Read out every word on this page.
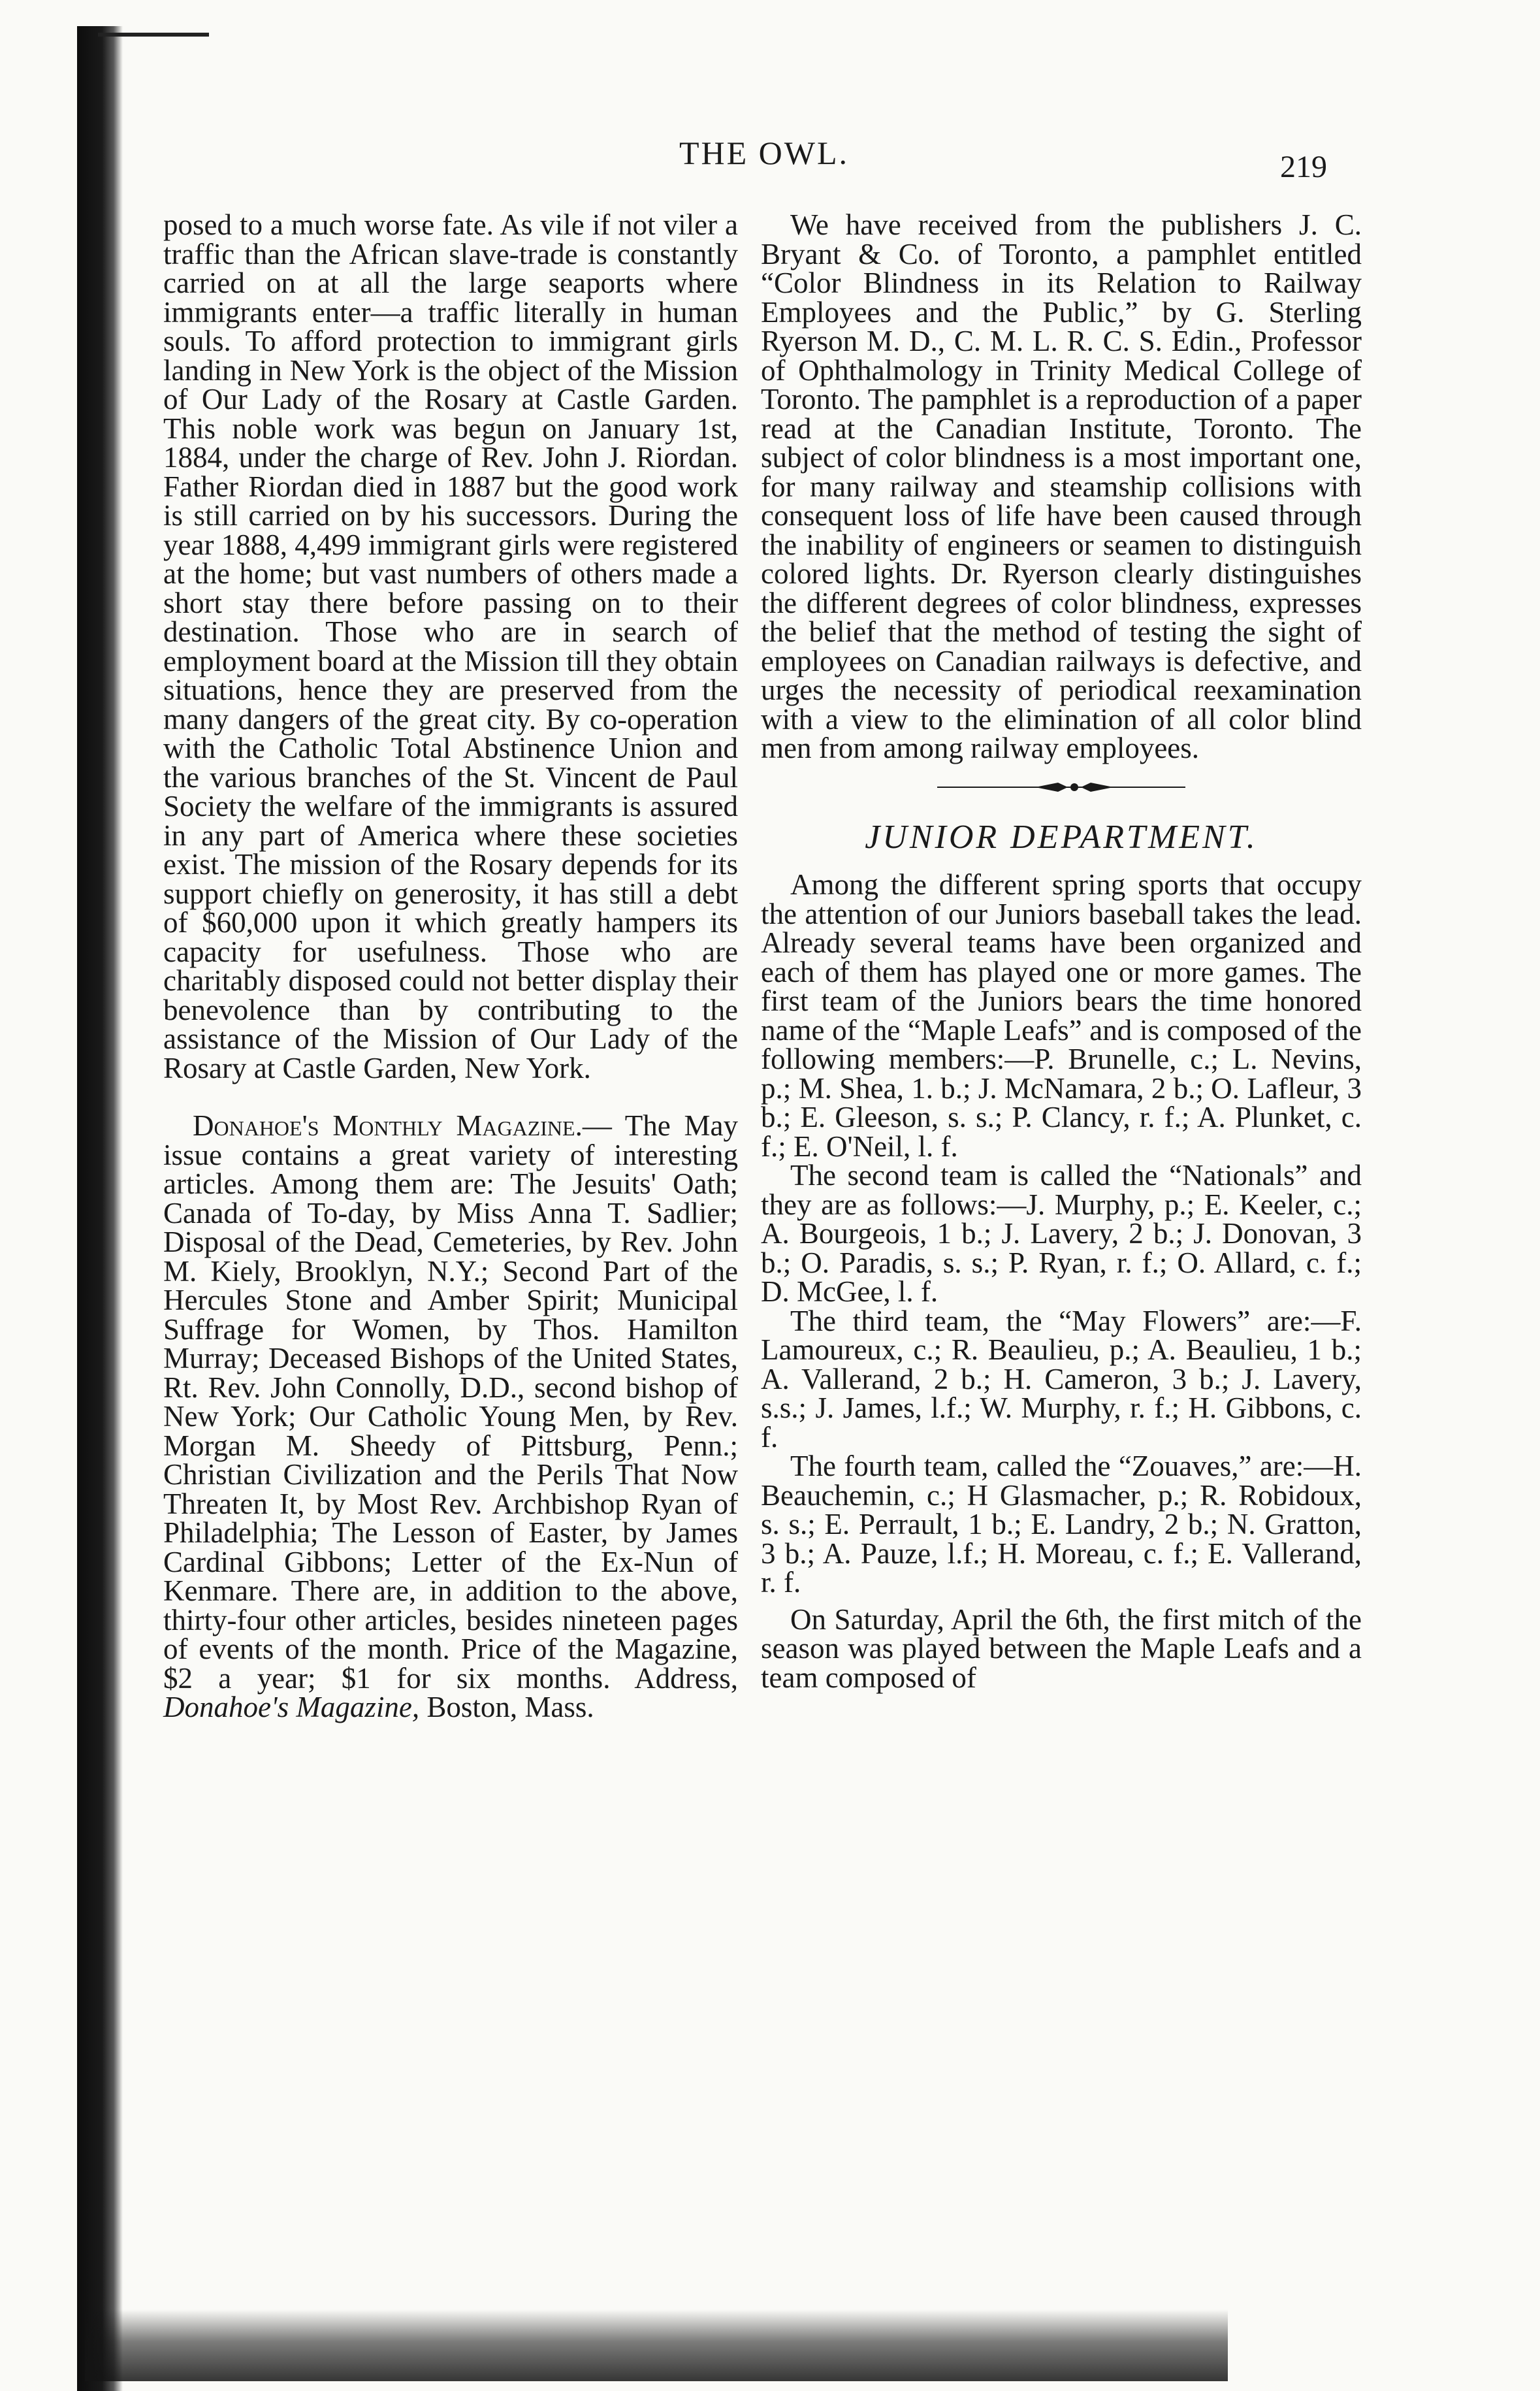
THE OWL.	219

posed to a much worse fate. As vile if not viler a traffic than the African slave-trade is constantly carried on at all the large seaports where immigrants enter—a traffic literally in human souls. To afford protection to immigrant girls landing in New York is the object of the Mission of Our Lady of the Rosary at Castle Garden. This noble work was begun on January 1st, 1884, under the charge of Rev. John J. Riordan. Father Riordan died in 1887 but the good work is still carried on by his successors. During the year 1888, 4,499 immigrant girls were registered at the home; but vast numbers of others made a short stay there before passing on to their destination. Those who are in search of employment board at the Mission till they obtain situations, hence they are preserved from the many dangers of the great city. By co-operation with the Catholic Total Abstinence Union and the various branches of the St. Vincent de Paul Society the welfare of the immigrants is assured in any part of America where these societies exist. The mission of the Rosary depends for its support chiefly on generosity, it has still a debt of $60,000 upon it which greatly hampers its capacity for usefulness. Those who are charitably disposed could not better display their benevolence than by contributing to the assistance of the Mission of Our Lady of the Rosary at Castle Garden, New York.

Donahoe's Monthly Magazine.— The May issue contains a great variety of interesting articles. Among them are: The Jesuits' Oath; Canada of To-day, by Miss Anna T. Sadlier; Disposal of the Dead, Cemeteries, by Rev. John M. Kiely, Brooklyn, N.Y.; Second Part of the Hercules Stone and Amber Spirit; Municipal Suffrage for Women, by Thos. Hamilton Murray; Deceased Bishops of the United States, Rt. Rev. John Connolly, D.D., second bishop of New York; Our Catholic Young Men, by Rev. Morgan M. Sheedy of Pittsburg, Penn.; Christian Civilization and the Perils That Now Threaten It, by Most Rev. Archbishop Ryan of Philadelphia; The Lesson of Easter, by James Cardinal Gibbons; Letter of the Ex-Nun of Kenmare. There are, in addition to the above, thirty-four other articles, besides nineteen pages of events of the month. Price of the Magazine, $2 a year; $1 for six months. Address, Donahoe's Magazine, Boston, Mass.

We have received from the publishers J. C. Bryant & Co. of Toronto, a pamphlet entitled “Color Blindness in its Relation to Railway Employees and the Public,” by G. Sterling Ryerson M. D., C. M. L. R. C. S. Edin., Professor of Ophthalmology in Trinity Medical College of Toronto. The pamphlet is a reproduction of a paper read at the Canadian Institute, Toronto. The subject of color blindness is a most important one, for many railway and steamship collisions with consequent loss of life have been caused through the inability of engineers or seamen to distinguish colored lights. Dr. Ryerson clearly distinguishes the different degrees of color blindness, expresses the belief that the method of testing the sight of employees on Canadian railways is defective, and urges the necessity of periodical reexamination with a view to the elimination of all color blind men from among railway employees.

JUNIOR DEPARTMENT.

Among the different spring sports that occupy the attention of our Juniors baseball takes the lead. Already several teams have been organized and each of them has played one or more games. The first team of the Juniors bears the time honored name of the “Maple Leafs” and is composed of the following members:—P. Brunelle, c.; L. Nevins, p.; M. Shea, 1. b.; J. McNamara, 2 b.; O. Lafleur, 3 b.; E. Gleeson, s. s.; P. Clancy, r. f.; A. Plunket, c. f.; E. O'Neil, l. f.

The second team is called the “Nationals” and they are as follows:—J. Murphy, p.; E. Keeler, c.; A. Bourgeois, 1 b.; J. Lavery, 2 b.; J. Donovan, 3 b.; O. Paradis, s. s.; P. Ryan, r. f.; O. Allard, c. f.; D. McGee, l. f.

The third team, the “May Flowers” are:—F. Lamoureux, c.; R. Beaulieu, p.; A. Beaulieu, 1 b.; A. Vallerand, 2 b.; H. Cameron, 3 b.; J. Lavery, s.s.; J. James, l.f.; W. Murphy, r. f.; H. Gibbons, c. f.

The fourth team, called the “Zouaves,” are:—H. Beauchemin, c.; H Glasmacher, p.; R. Robidoux, s. s.; E. Perrault, 1 b.; E. Landry, 2 b.; N. Gratton, 3 b.; A. Pauze, l.f.; H. Moreau, c. f.; E. Vallerand, r. f.

On Saturday, April the 6th, the first mitch of the season was played between the Maple Leafs and a team composed of
